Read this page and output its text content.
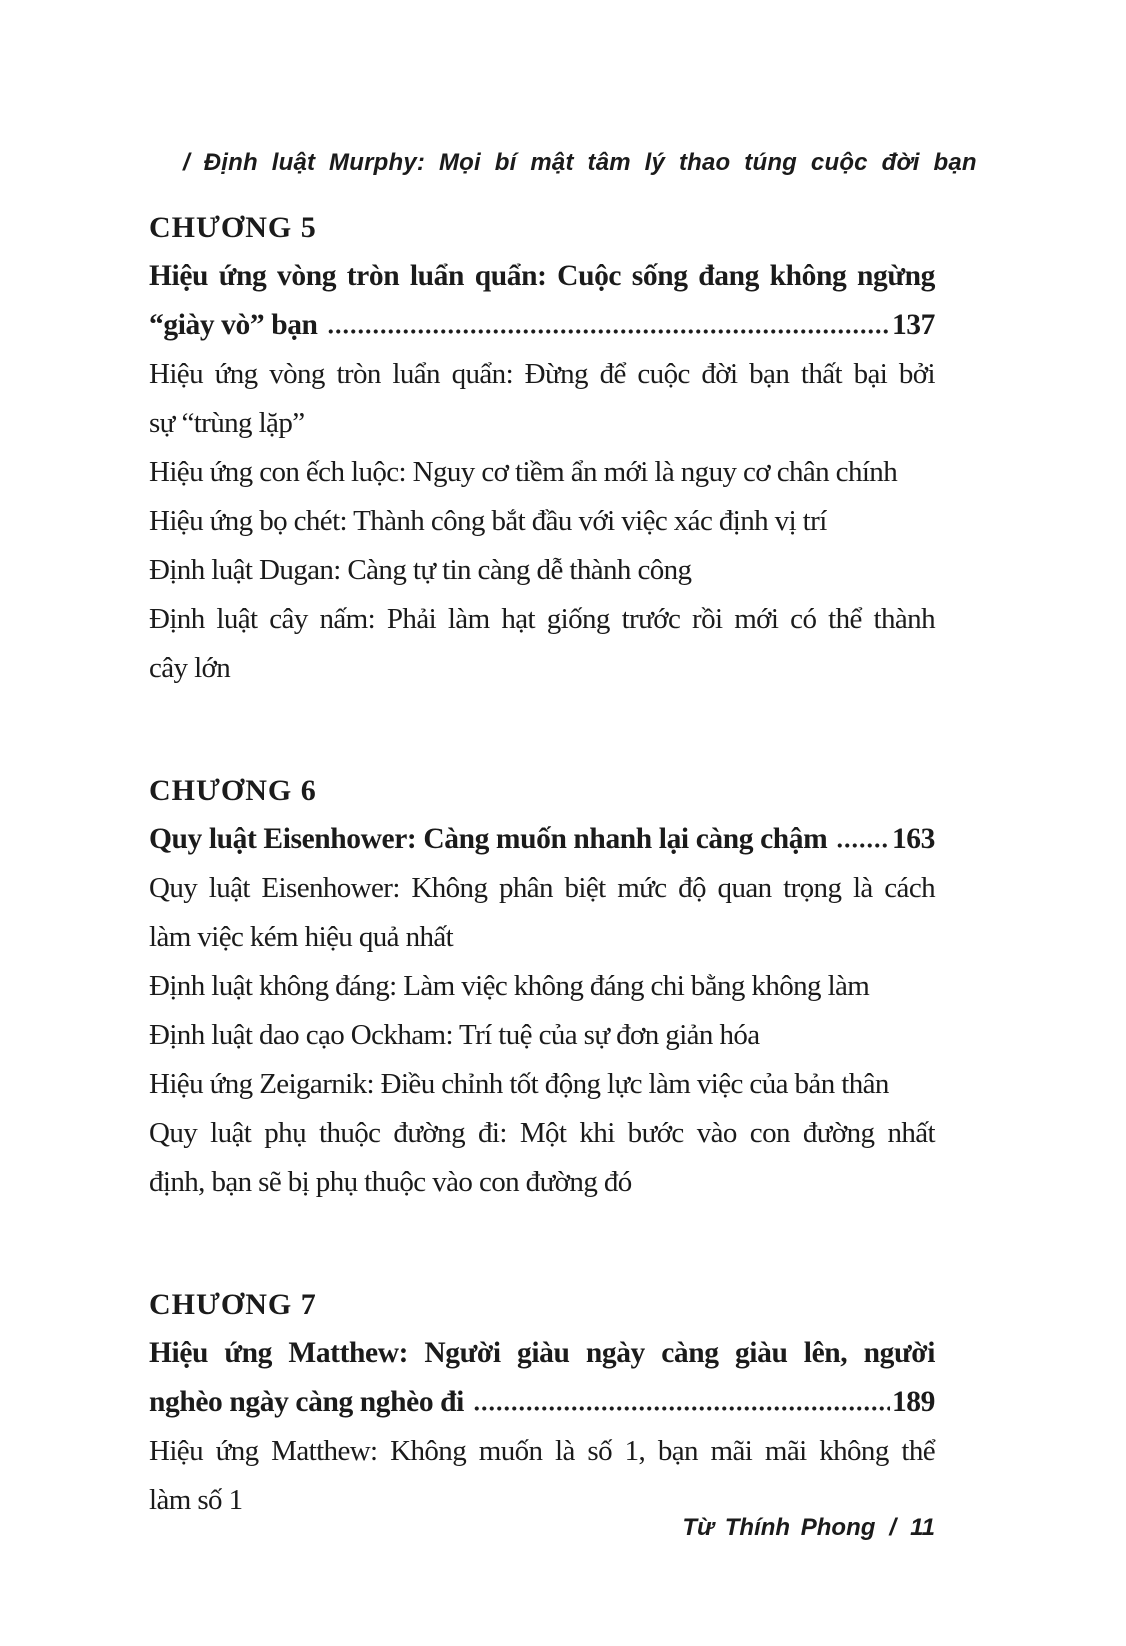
/ Định luật Murphy: Mọi bí mật tâm lý thao túng cuộc đời bạn
CHƯƠNG 5
Hiệu ứng vòng tròn luẩn quẩn: Cuộc sống đang không ngừng
“giày vò” bạn	137
Hiệu ứng vòng tròn luẩn quẩn: Đừng để cuộc đời bạn thất bại bởi
sự “trùng lặp”
Hiệu ứng con ếch luộc: Nguy cơ tiềm ẩn mới là nguy cơ chân chính
Hiệu ứng bọ chét: Thành công bắt đầu với việc xác định vị trí
Định luật Dugan: Càng tự tin càng dễ thành công
Định luật cây nấm: Phải làm hạt giống trước rồi mới có thể thành
cây lớn
CHƯƠNG 6
Quy luật Eisenhower: Càng muốn nhanh lại càng chậm 163
Quy luật Eisenhower: Không phân biệt mức độ quan trọng là cách
làm việc kém hiệu quả nhất
Định luật không đáng: Làm việc không đáng chi bằng không làm
Định luật dao cạo Ockham: Trí tuệ của sự đơn giản hóa
Hiệu ứng Zeigarnik: Điều chỉnh tốt động lực làm việc của bản thân
Quy luật phụ thuộc đường đi: Một khi bước vào con đường nhất
định, bạn sẽ bị phụ thuộc vào con đường đó
CHƯƠNG 7
Hiệu ứng Matthew: Người giàu ngày càng giàu lên, người
nghèo ngày càng nghèo đi	189
Hiệu ứng Matthew: Không muốn là số 1, bạn mãi mãi không thể
làm số 1
Từ Thính Phong / 11
